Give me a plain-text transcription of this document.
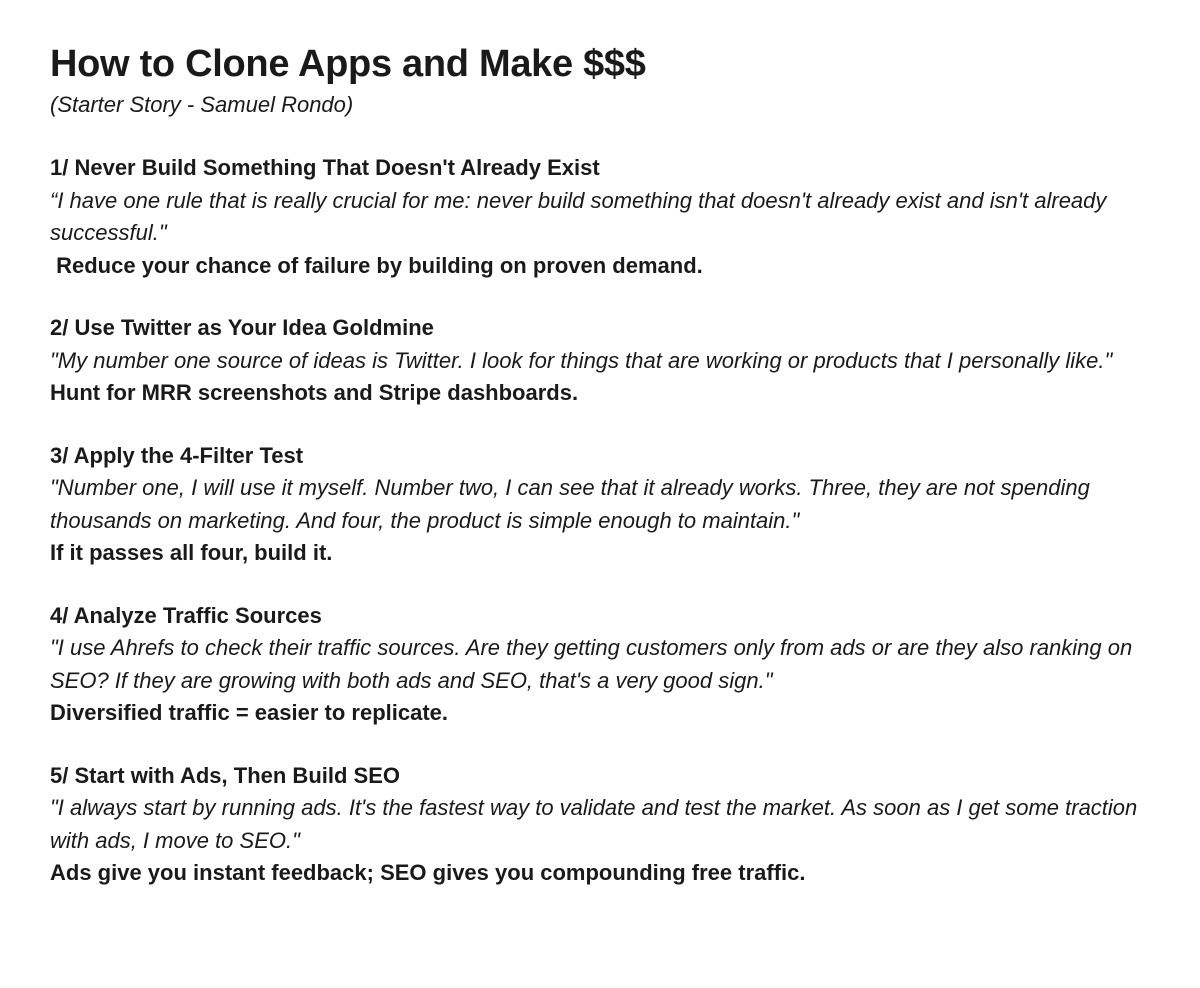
How to Clone Apps and Make $$$

(Starter Story - Samuel Rondo)

1/ Never Build Something That Doesn't Already Exist

“I have one rule that is really crucial for me: never build something that doesn't already exist and isn't already successful."

Reduce your chance of failure by building on proven demand.

2/ Use Twitter as Your Idea Goldmine

"My number one source of ideas is Twitter. I look for things that are working or products that I personally like."

Hunt for MRR screenshots and Stripe dashboards.

3/ Apply the 4-Filter Test

"Number one, I will use it myself. Number two, I can see that it already works. Three, they are not spending thousands on marketing. And four, the product is simple enough to maintain."

If it passes all four, build it.

4/ Analyze Traffic Sources

"I use Ahrefs to check their traffic sources. Are they getting customers only from ads or are they also ranking on SEO? If they are growing with both ads and SEO, that's a very good sign."

Diversified traffic = easier to replicate.

5/ Start with Ads, Then Build SEO

"I always start by running ads. It's the fastest way to validate and test the market. As soon as I get some traction with ads, I move to SEO."

Ads give you instant feedback; SEO gives you compounding free traffic.
